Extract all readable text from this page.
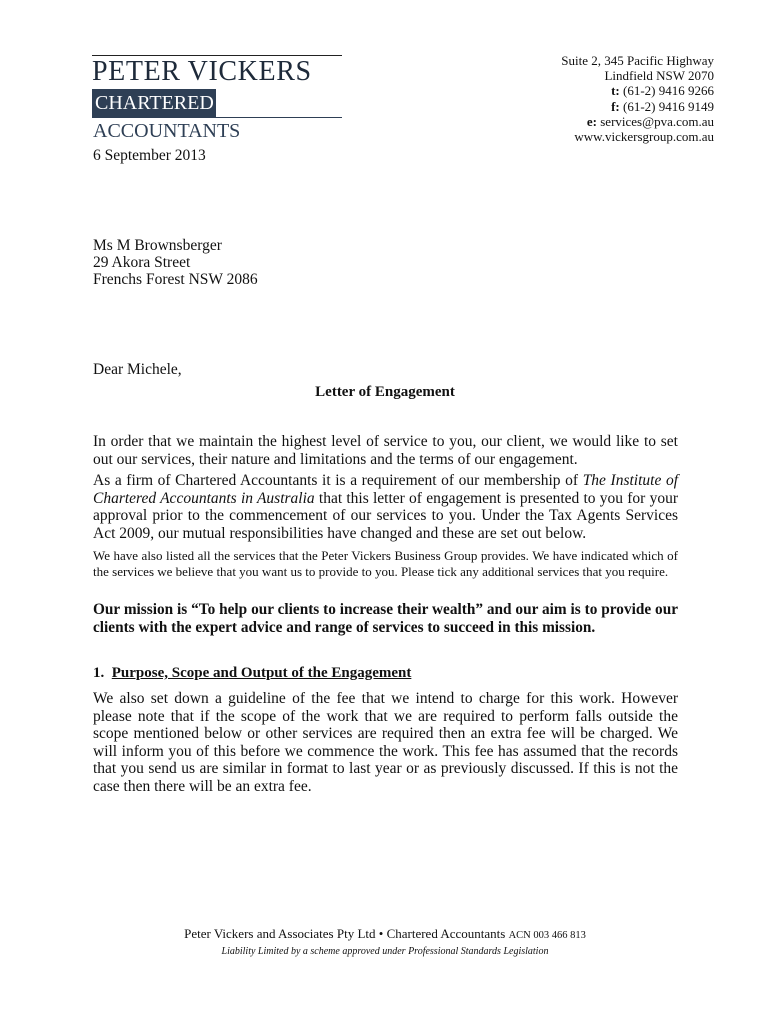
PETER VICKERS
CHARTEREDACCOUNTANTS
Suite 2, 345 Pacific Highway
Lindfield NSW 2070
t: (61-2) 9416 9266
f: (61-2) 9416 9149
e: services@pva.com.au
www.vickersgroup.com.au
6 September 2013
Ms M Brownsberger
29 Akora Street
Frenchs Forest NSW 2086
Dear Michele,
Letter of Engagement
In order that we maintain the highest level of service to you, our client, we would like to set out our services, their nature and limitations and the terms of our engagement.
As a firm of Chartered Accountants it is a requirement of our membership of The Institute of Chartered Accountants in Australia that this letter of engagement is presented to you for your approval prior to the commencement of our services to you. Under the Tax Agents Services Act 2009, our mutual responsibilities have changed and these are set out below.
We have also listed all the services that the Peter Vickers Business Group provides. We have indicated which of the services we believe that you want us to provide to you. Please tick any additional services that you require.
Our mission is “To help our clients to increase their wealth” and our aim is to provide our clients with the expert advice and range of services to succeed in this mission.
1. Purpose, Scope and Output of the Engagement
We also set down a guideline of the fee that we intend to charge for this work. However please note that if the scope of the work that we are required to perform falls outside the scope mentioned below or other services are required then an extra fee will be charged. We will inform you of this before we commence the work. This fee has assumed that the records that you send us are similar in format to last year or as previously discussed. If this is not the case then there will be an extra fee.
Peter Vickers and Associates Pty Ltd • Chartered Accountants ACN 003 466 813
Liability Limited by a scheme approved under Professional Standards Legislation
